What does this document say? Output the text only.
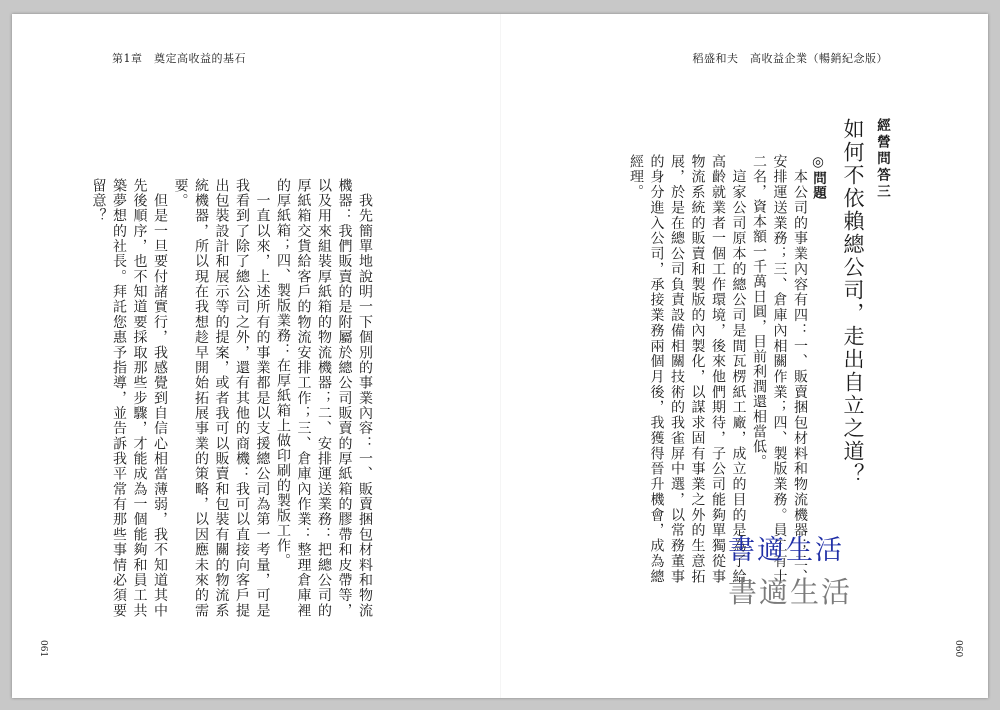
第1章　奠定高收益的基石	稻盛和夫　高收益企業（暢銷紀念版）
經營問答三
如何不依賴總公司，走出自立之道？
◎問題
　本公司的事業內容有四：一、販賣捆包材料和物流機器；二、安排運送業務；三、倉庫內相關作業；四、製版業務。員工有十二名，資本額一千萬日圓，目前利潤還相當低。
　這家公司原本的總公司是間瓦楞紙工廠，成立的目的是為了給高齡就業者一個工作環境，後來他們期待，子公司能夠單獨從事物流系統的販賣和製版的內製化，以謀求固有事業之外的生意拓展，於是在總公司負責設備相關技術的我雀屏中選，以常務董事的身分進入公司，承接業務兩個月後，我獲得晉升機會，成為總經理。
　我先簡單地說明一下個別的事業內容：一、販賣捆包材料和物流機器：我們販賣的是附屬於總公司販賣的厚紙箱的膠帶和皮帶等，以及用來組裝厚紙箱的物流機器；二、安排運送業務：把總公司的厚紙箱交貨給客戶的物流安排工作；三、倉庫內作業：整理倉庫裡的厚紙箱；四、製版業務：在厚紙箱上做印刷的製版工作。
　一直以來，上述所有的事業都是以支援總公司為第一考量，可是我看到了除了總公司之外，還有其他的商機：我可以直接向客戶提出包裝設計和展示等的提案，或者我可以販賣和包裝有關的物流系統機器，所以現在我想趁早開始拓展事業的策略，以因應未來的需要。
　但是一旦要付諸實行，我感覺到自信心相當薄弱，我不知道其中先後順序，也不知道要採取那些步驟，才能成為一個能夠和員工共築夢想的社長。拜託您惠予指導，並告訴我平常有那些事情必須要留意？
061	060
書適生活
書適生活
